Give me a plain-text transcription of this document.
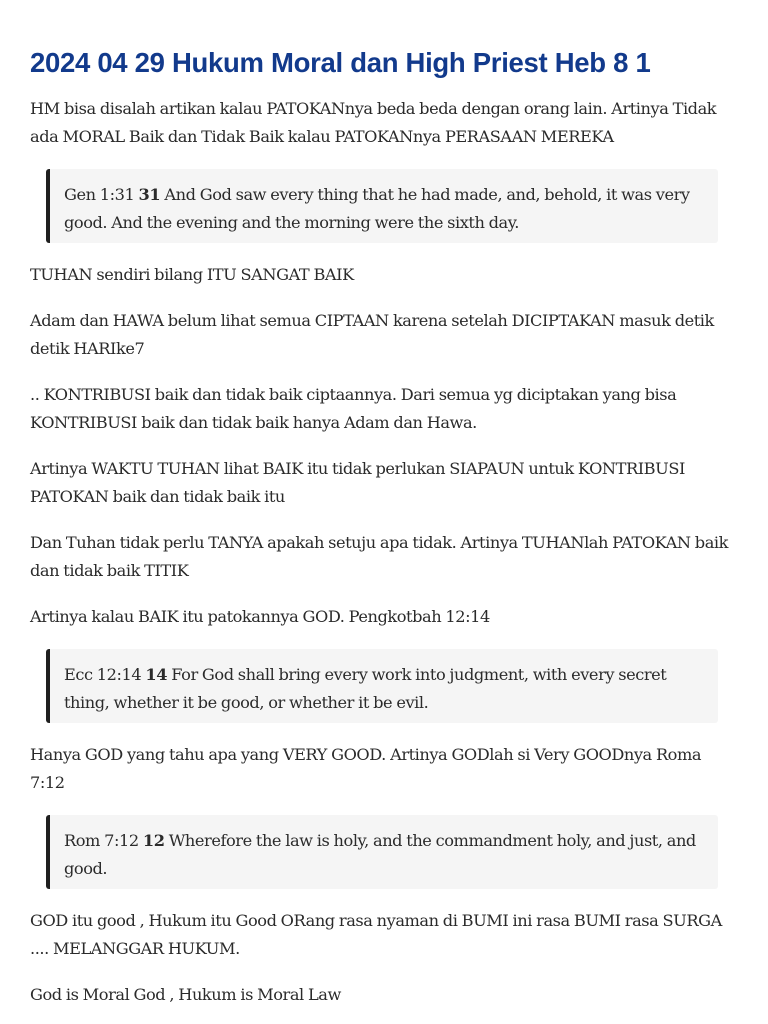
2024 04 29 Hukum Moral dan High Priest Heb 8 1

HM bisa disalah artikan kalau PATOKANnya beda beda dengan orang lain. Artinya Tidak ada MORAL Baik dan Tidak Baik kalau PATOKANnya PERASAAN MEREKA

Gen 1:31 31 And God saw every thing that he had made, and, behold, it was very good. And the evening and the morning were the sixth day.

TUHAN sendiri bilang ITU SANGAT BAIK

Adam dan HAWA belum lihat semua CIPTAAN karena setelah DICIPTAKAN masuk detik detik HARIke7

.. KONTRIBUSI baik dan tidak baik ciptaannya. Dari semua yg diciptakan yang bisa KONTRIBUSI baik dan tidak baik hanya Adam dan Hawa.

Artinya WAKTU TUHAN lihat BAIK itu tidak perlukan SIAPAUN untuk KONTRIBUSI PATOKAN baik dan tidak baik itu

Dan Tuhan tidak perlu TANYA apakah setuju apa tidak. Artinya TUHANlah PATOKAN baik dan tidak baik TITIK

Artinya kalau BAIK itu patokannya GOD. Pengkotbah 12:14

Ecc 12:14 14 For God shall bring every work into judgment, with every secret thing, whether it be good, or whether it be evil.

Hanya GOD yang tahu apa yang VERY GOOD. Artinya GODlah si Very GOODnya Roma 7:12

Rom 7:12 12 Wherefore the law is holy, and the commandment holy, and just, and good.

GOD itu good , Hukum itu Good ORang rasa nyaman di BUMI ini rasa BUMI rasa SURGA .... MELANGGAR HUKUM.

God is Moral God , Hukum is Moral Law
